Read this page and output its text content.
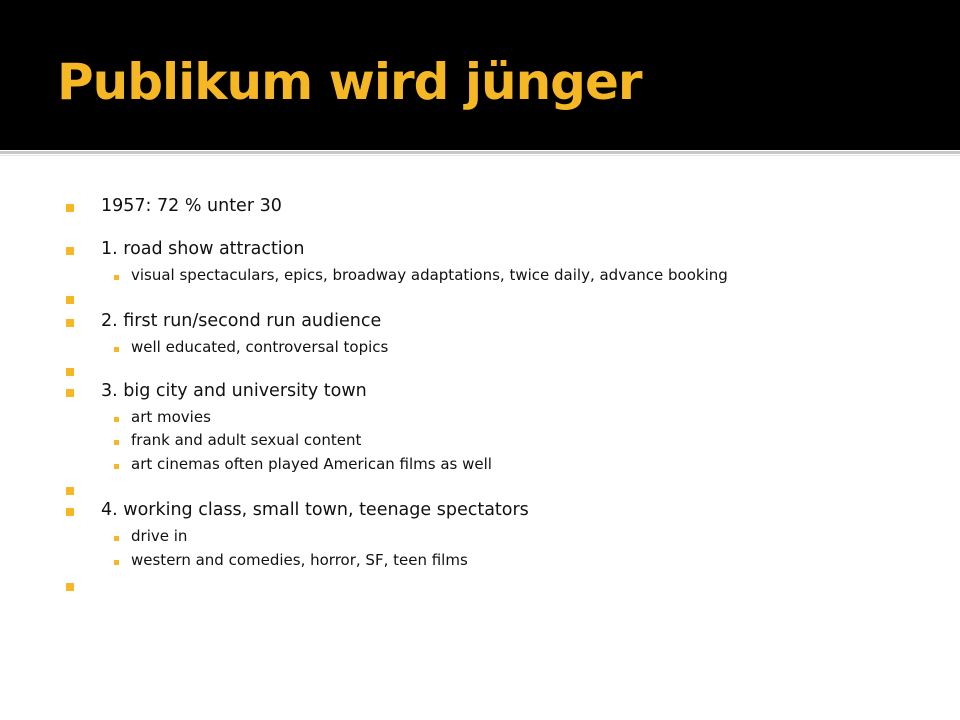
Publikum wird jünger
1957: 72 % unter 30
1. road show attraction
visual spectaculars, epics, broadway adaptations, twice daily, advance booking
2. first run/second run audience
well educated, controversal topics
3. big city and university town
art movies
frank and adult sexual content
art cinemas often played American films as well
4. working class, small town, teenage spectators
drive in
western and comedies, horror, SF, teen films
